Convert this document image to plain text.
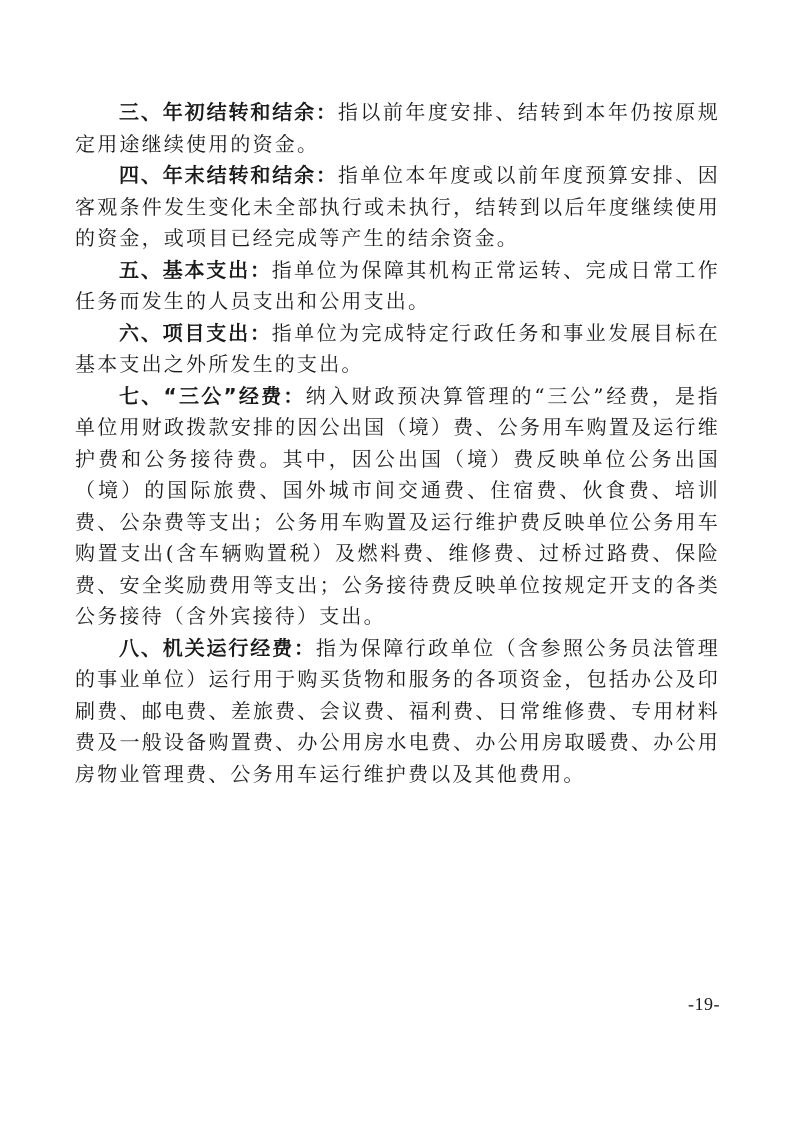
三、年初结转和结余：指以前年度安排、结转到本年仍按原规定用途继续使用的资金。

四、年末结转和结余：指单位本年度或以前年度预算安排、因客观条件发生变化未全部执行或未执行，结转到以后年度继续使用的资金，或项目已经完成等产生的结余资金。

五、基本支出：指单位为保障其机构正常运转、完成日常工作任务而发生的人员支出和公用支出。

六、项目支出：指单位为完成特定行政任务和事业发展目标在基本支出之外所发生的支出。

七、“三公”经费：纳入财政预决算管理的“三公”经费，是指单位用财政拨款安排的因公出国（境）费、公务用车购置及运行维护费和公务接待费。其中，因公出国（境）费反映单位公务出国（境）的国际旅费、国外城市间交通费、住宿费、伙食费、培训费、公杂费等支出；公务用车购置及运行维护费反映单位公务用车购置支出(含车辆购置税）及燃料费、维修费、过桥过路费、保险费、安全奖励费用等支出；公务接待费反映单位按规定开支的各类公务接待（含外宾接待）支出。

八、机关运行经费：指为保障行政单位（含参照公务员法管理的事业单位）运行用于购买货物和服务的各项资金，包括办公及印刷费、邮电费、差旅费、会议费、福利费、日常维修费、专用材料费及一般设备购置费、办公用房水电费、办公用房取暖费、办公用房物业管理费、公务用车运行维护费以及其他费用。

-19-
